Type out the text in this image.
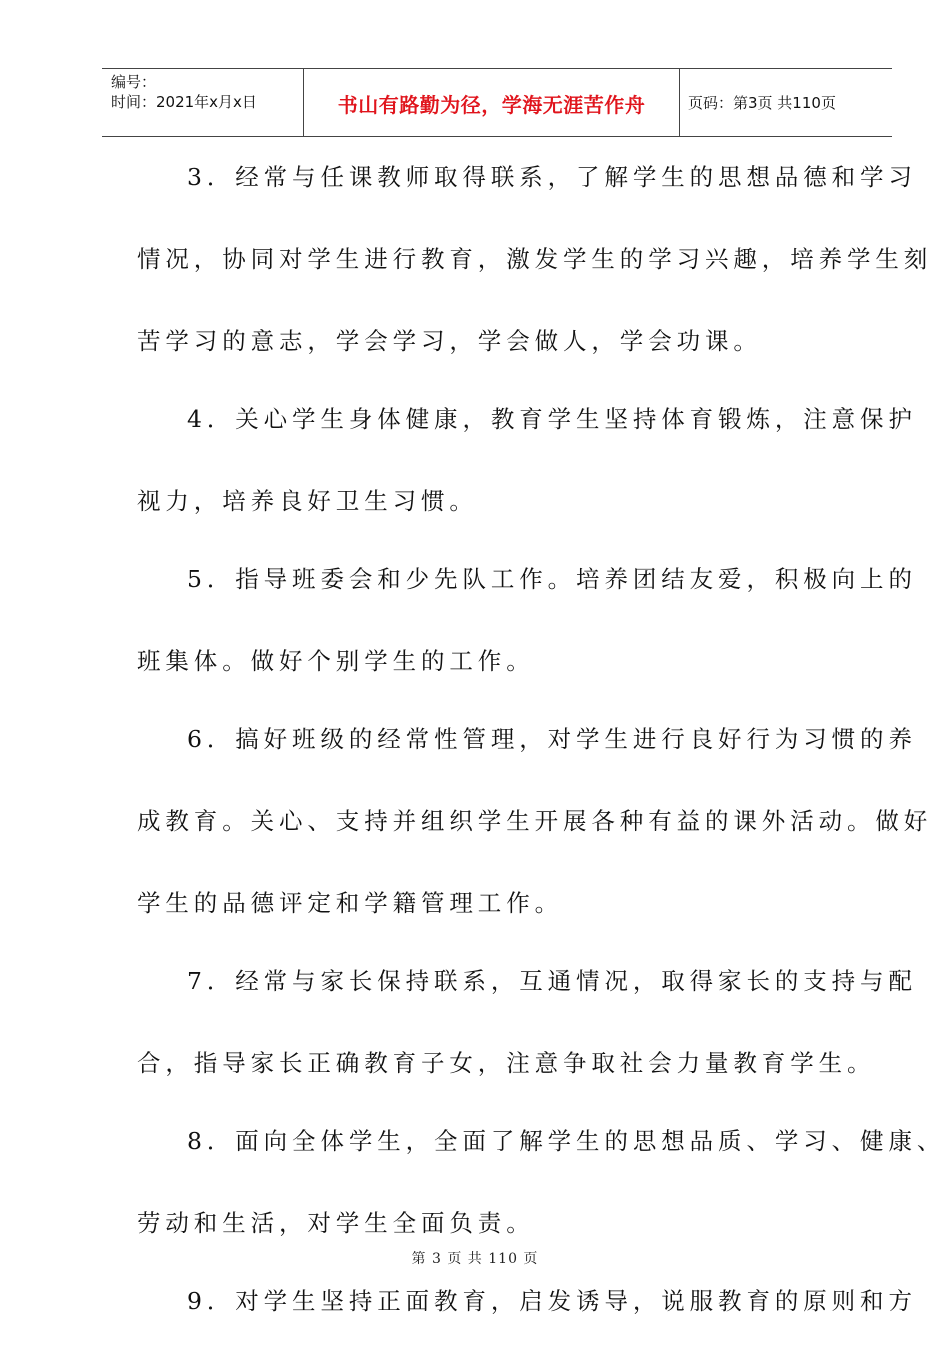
编号：
时间：2021年x月x日	书山有路勤为径，学海无涯苦作舟	页码：第3页 共110页
3．经常与任课教师取得联系，了解学生的思想品德和学习
情况，协同对学生进行教育，激发学生的学习兴趣，培养学生刻
苦学习的意志，学会学习，学会做人，学会功课。
4．关心学生身体健康，教育学生坚持体育锻炼，注意保护
视力，培养良好卫生习惯。
5．指导班委会和少先队工作。培养团结友爱，积极向上的
班集体。做好个别学生的工作。
6．搞好班级的经常性管理，对学生进行良好行为习惯的养
成教育。关心、支持并组织学生开展各种有益的课外活动。做好
学生的品德评定和学籍管理工作。
7．经常与家长保持联系，互通情况，取得家长的支持与配
合，指导家长正确教育子女，注意争取社会力量教育学生。
8．面向全体学生，全面了解学生的思想品质、学习、健康、
劳动和生活，对学生全面负责。
9．对学生坚持正面教育，启发诱导，说服教育的原则和方
第 3 页 共 110 页
